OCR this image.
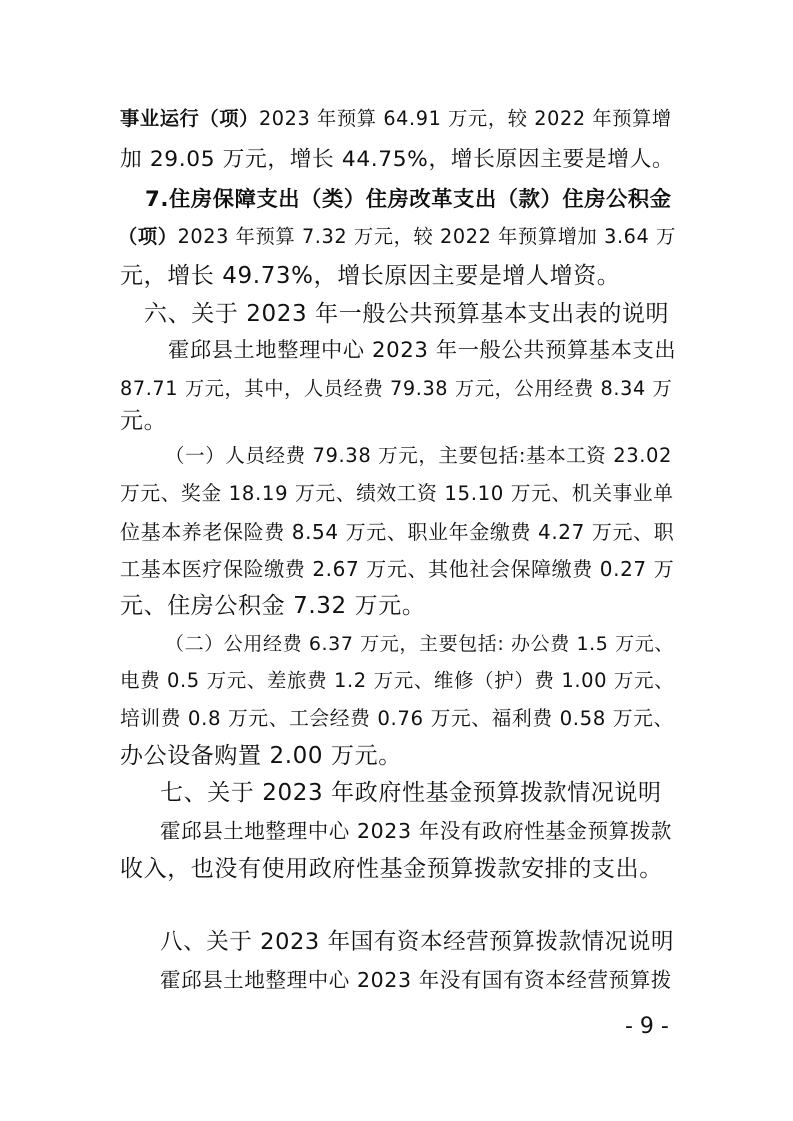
事业运行（项）2023 年预算 64.91 万元，较 2022 年预算增
加 29.05 万元，增长 44.75%，增长原因主要是增人。
7.住房保障支出（类）住房改革支出（款）住房公积金
（项）2023 年预算 7.32 万元，较 2022 年预算增加 3.64 万
元，增长 49.73%，增长原因主要是增人增资。
六、关于 2023 年一般公共预算基本支出表的说明
霍邱县土地整理中心 2023 年一般公共预算基本支出
87.71 万元，其中，人员经费 79.38 万元，公用经费 8.34 万
元。
（一）人员经费 79.38 万元，主要包括:基本工资 23.02
万元、奖金 18.19 万元、绩效工资 15.10 万元、机关事业单
位基本养老保险费 8.54 万元、职业年金缴费 4.27 万元、职
工基本医疗保险缴费 2.67 万元、其他社会保障缴费 0.27 万
元、住房公积金 7.32 万元。
（二）公用经费 6.37 万元，主要包括: 办公费 1.5 万元、
电费 0.5 万元、差旅费 1.2 万元、维修（护）费 1.00 万元、
培训费 0.8 万元、工会经费 0.76 万元、福利费 0.58 万元、
办公设备购置 2.00 万元。
七、关于 2023 年政府性基金预算拨款情况说明
霍邱县土地整理中心 2023 年没有政府性基金预算拨款
收入，也没有使用政府性基金预算拨款安排的支出。
八、关于 2023 年国有资本经营预算拨款情况说明
霍邱县土地整理中心 2023 年没有国有资本经营预算拨
- 9 -
